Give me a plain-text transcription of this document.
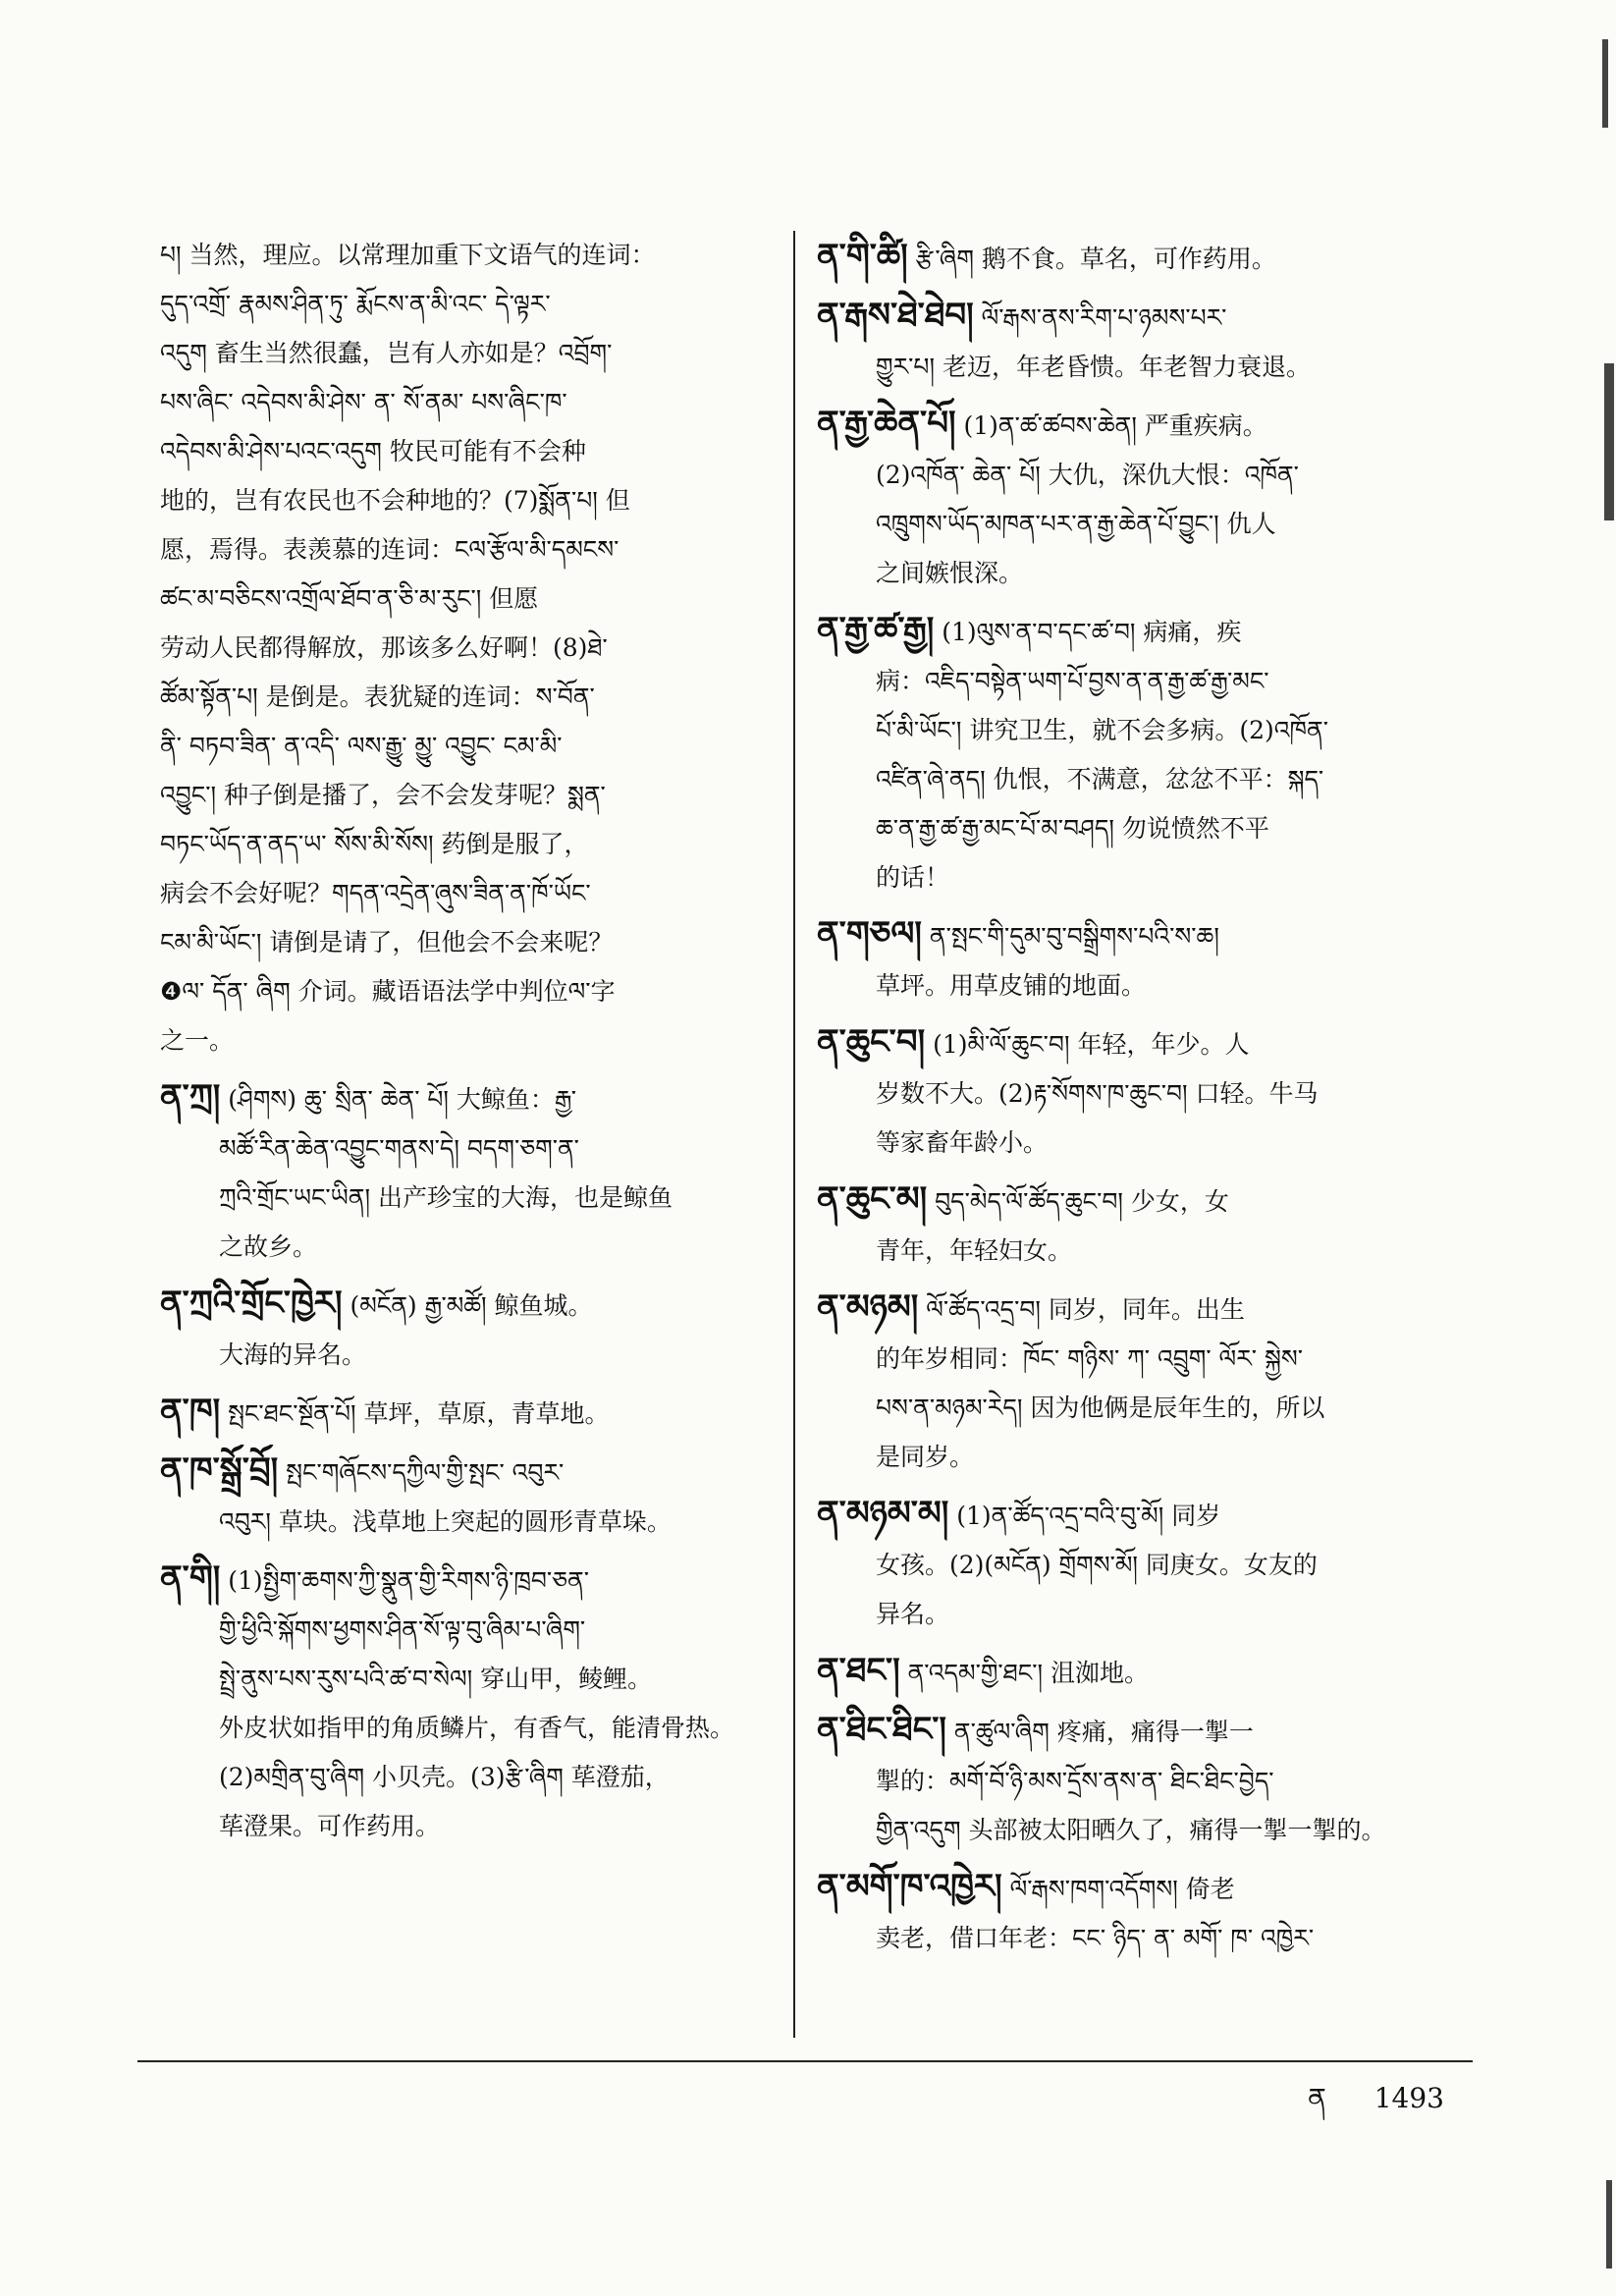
པ། 当然，理应。以常理加重下文语气的连词：
དུད་འགྲོ་ རྣམས་ཤིན་ཏུ་ རྨོངས་ན་མི་འང་ དེ་ལྟར་
འདུག 畜生当然很蠢，岂有人亦如是？འབྲོག་
པས་ཞིང་ འདེབས་མི་ཤེས་ ན་ སོ་ནམ་ པས་ཞིང་ཁ་
འདེབས་མི་ཤེས་པའང་འདུག 牧民可能有不会种
地的，岂有农民也不会种地的？(7)སྨོན་པ། 但
愿，焉得。表羡慕的连词：ངལ་རྩོལ་མི་དམངས་
ཚང་མ་བཅིངས་འགྲོལ་ཐོབ་ན་ཅི་མ་རུང་། 但愿
劳动人民都得解放，那该多么好啊！(8)ཐེ་
ཚོམ་སྟོན་པ། 是倒是。表犹疑的连词：ས་བོན་
ནི་ བཏབ་ཟིན་ ན་འདི་ ལས་རྒྱུ་ མྱུ་ འབྱུང་ ངམ་མི་
འབྱུང་། 种子倒是播了，会不会发芽呢？སྨན་
བཏང་ཡོད་ན་ནད་ཡ་ སོས་མི་སོས། 药倒是服了，
病会不会好呢？གདན་འདྲེན་ཞུས་ཟིན་ན་ཁོ་ཡོང་
ངམ་མི་ཡོང་། 请倒是请了，但他会不会来呢？
❹ལ་ དོན་ ཞིག 介词。藏语语法学中判位ལ་字
之一。
ན་ཀྲ། (ཤིགས) ཆུ་ སྲིན་ ཆེན་ པོ། 大鲸鱼：རྒྱ་
མཚོ་རིན་ཆེན་འབྱུང་གནས་དེ། བདག་ཅག་ན་
ཀྲའི་གྲོང་ཡང་ཡིན། 出产珍宝的大海，也是鲸鱼
之故乡。
ན་ཀྲའི་གྲོང་ཁྱེར། (མངོན) རྒྱ་མཚོ། 鲸鱼城。
大海的异名。
ན་ཁ། སྤང་ཐང་སྔོན་པོ། 草坪，草原，青草地。
ན་ཁ་སྒྲོ་བྲོ། སྤང་གཞོངས་དཀྱིལ་གྱི་སྤང་ འབུར་
འབུར། 草块。浅草地上突起的圆形青草垛。
ན་གི། (1)སྤྱིག་ཆགས་ཀྱི་སྣུན་གྱི་རིགས་ཉི་ཁྲབ་ཅན་
གྱི་ཕྱིའི་སྐོགས་ཕྱགས་ཤིན་སོ་ལྟ་བུ་ཞིམ་པ་ཞིག་
སྤྲེ་ནུས་པས་རུས་པའི་ཚ་བ་སེལ། 穿山甲，鲮鲤。
外皮状如指甲的角质鳞片，有香气，能清骨热。
(2)མགྲིན་བུ་ཞིག 小贝壳。(3)རྩི་ཞིག 荜澄茄，
荜澄果。可作药用。
ན་གི་ཚི། རྩི་ཞིག 鹅不食。草名，可作药用。
ན་རྒས་ཐེ་ཐེབ། ལོ་རྒས་ནས་རིག་པ་ཉམས་པར་
གྱུར་པ། 老迈，年老昏愦。年老智力衰退。
ན་རྒྱ་ཆེན་པོ། (1)ན་ཚ་ཚབས་ཆེན། 严重疾病。
(2)འཁོན་ ཆེན་ པོ། 大仇，深仇大恨：འཁོན་
འཁྲུགས་ཡོད་མཁན་པར་ན་རྒྱ་ཆེན་པོ་བྱུང་། 仇人
之间嫉恨深。
ན་རྒྱ་ཚ་རྒྱ། (1)ལུས་ན་བ་དང་ཚ་བ། 病痛，疾
病：འཇིད་བསྟེན་ཡག་པོ་བྱས་ན་ན་རྒྱ་ཚ་རྒྱ་མང་
པོ་མི་ཡོང་། 讲究卫生，就不会多病。(2)འཁོན་
འཛིན་ཞེ་ནད། 仇恨，不满意，忿忿不平：སྐད་
ཆ་ན་རྒྱ་ཚ་རྒྱ་མང་པོ་མ་བཤད། 勿说愤然不平
的话！
ན་གཅལ། ན་སྤང་གི་དུམ་བུ་བསྒྲིགས་པའི་ས་ཆ།
草坪。用草皮铺的地面。
ན་ཆུང་བ། (1)མི་ལོ་ཆུང་བ། 年轻，年少。人
岁数不大。(2)རྟ་སོགས་ཁ་ཆུང་བ། 口轻。牛马
等家畜年龄小。
ན་ཆུང་མ། བུད་མེད་ལོ་ཚོད་ཆུང་བ། 少女，女
青年，年轻妇女。
ན་མཉམ། ལོ་ཚོད་འདྲ་བ། 同岁，同年。出生
的年岁相同：ཁོང་ གཉིས་ ཀ་ འབྲུག་ ལོར་ སྐྱེས་
པས་ན་མཉམ་རེད། 因为他俩是辰年生的，所以
是同岁。
ན་མཉམ་མ། (1)ན་ཚོད་འདྲ་བའི་བུ་མོ། 同岁
女孩。(2)(མངོན) གྲོགས་མོ། 同庚女。女友的
异名。
ན་ཐང་། ན་འདམ་གྱི་ཐང་། 沮洳地。
ན་ཐིང་ཐིང་། ན་ཚུལ་ཞིག 疼痛，痛得一掣一
掣的：མགོ་བོ་ཉི་མས་དྲོས་ནས་ན་ ཐིང་ཐིང་བྱེད་
གྱིན་འདུག 头部被太阳晒久了，痛得一掣一掣的。
ན་མགོ་ཁ་འཁྱེར། ལོ་རྒས་ཁག་འདོགས། 倚老
卖老，借口年老：ངང་ ཉིད་ ན་ མགོ་ ཁ་ འཁྱེར་
ན 1493
